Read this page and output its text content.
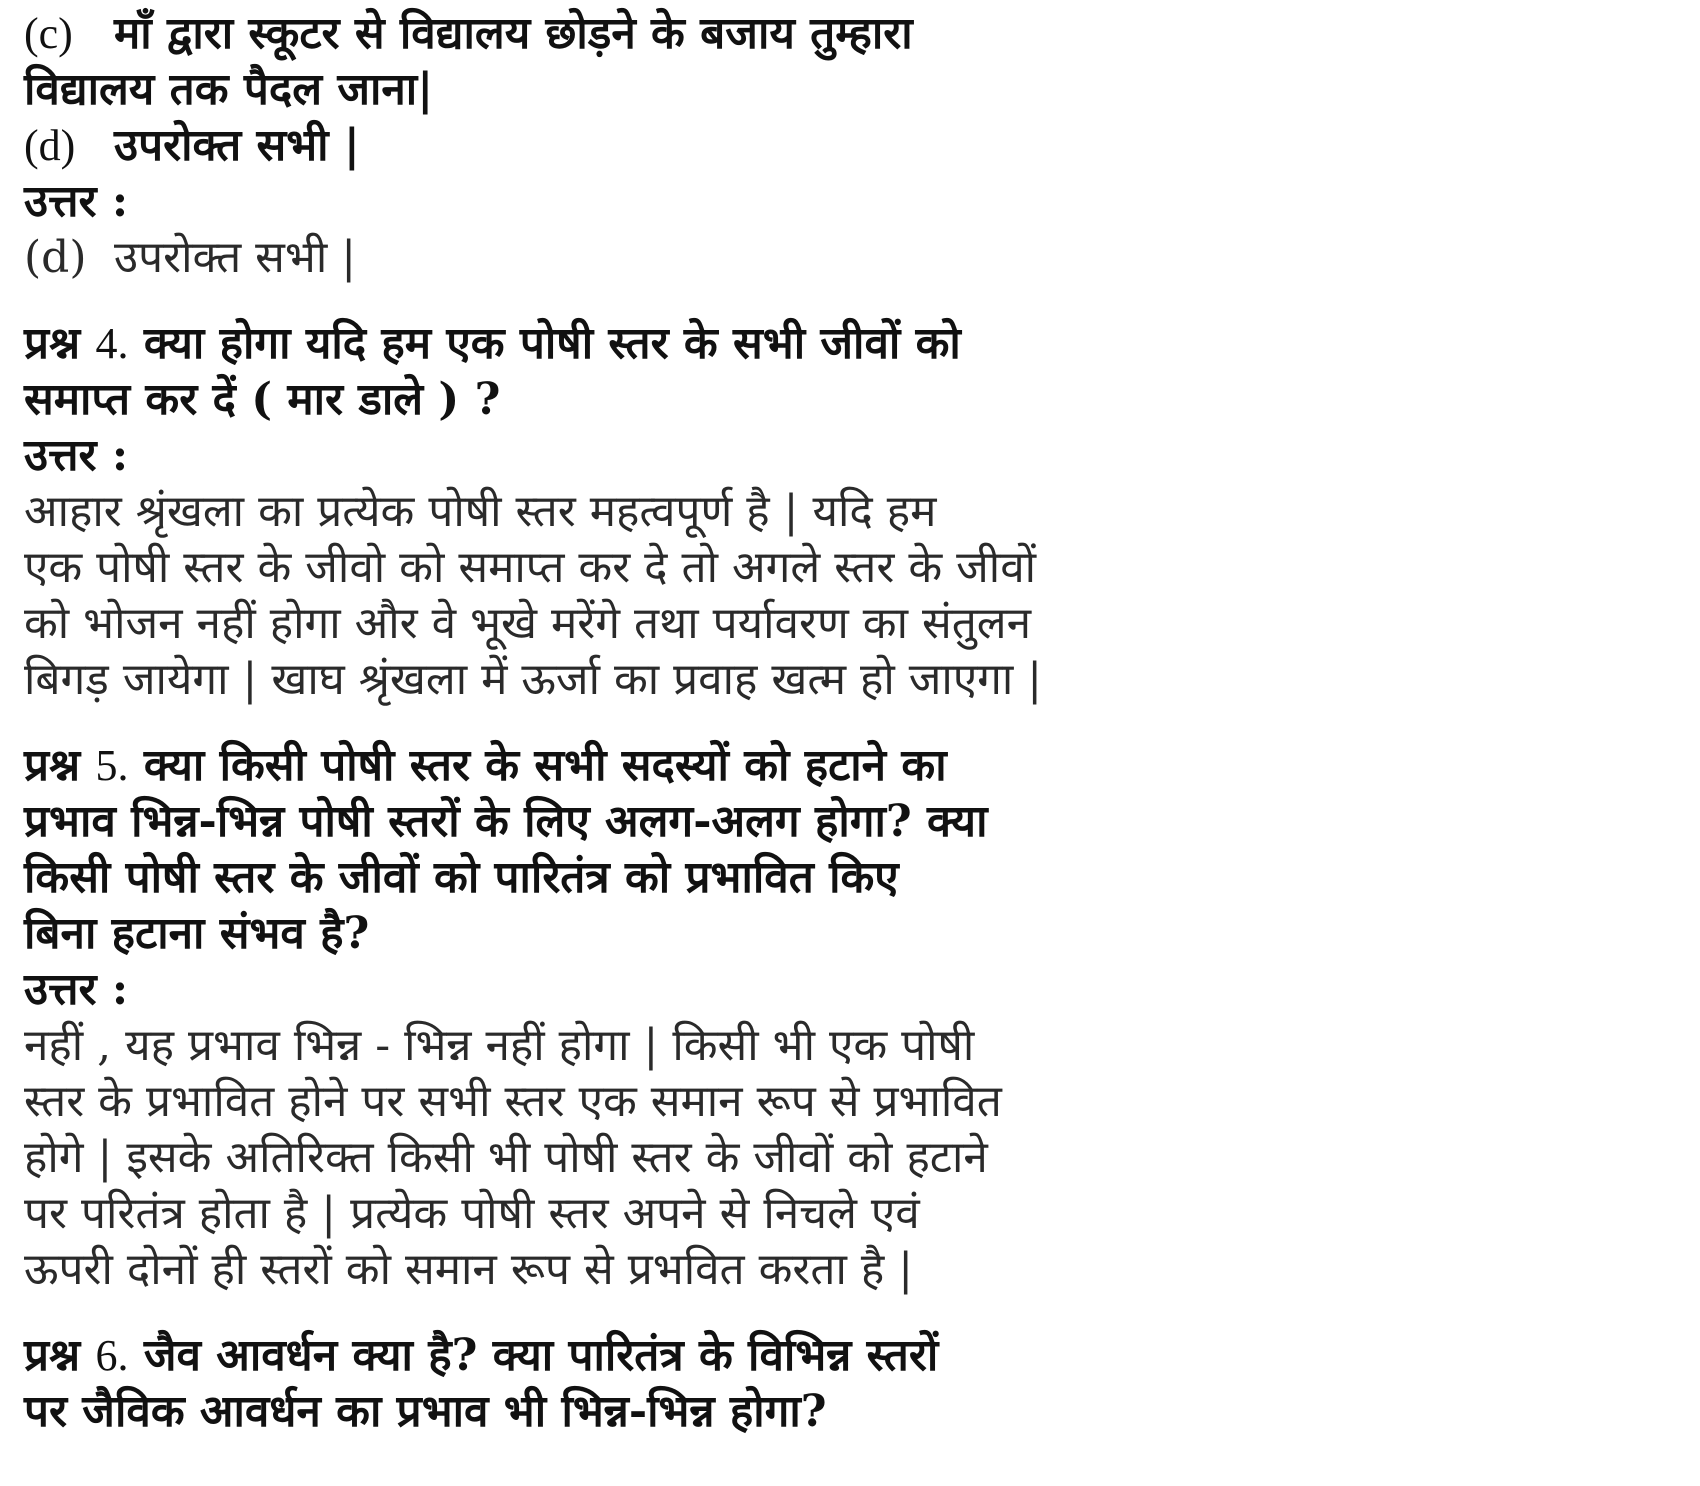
(c) माँ द्वारा स्कूटर से विद्यालय छोड़ने के बजाय तुम्हारा

विद्यालय तक पैदल जाना|

(d) उपरोक्त सभी |

उत्तर :

(d) उपरोक्त सभी |

प्रश्न 4. क्या होगा यदि हम एक पोषी स्तर के सभी जीवों को

समाप्त कर दें ( मार डाले ) ?

उत्तर :

आहार श्रृंखला का प्रत्येक पोषी स्तर महत्वपूर्ण है | यदि हम

एक पोषी स्तर के जीवो को समाप्त कर दे तो अगले स्तर के जीवों

को भोजन नहीं होगा और वे भूखे मरेंगे तथा पर्यावरण का संतुलन

बिगड़ जायेगा | खाघ श्रृंखला में ऊर्जा का प्रवाह खत्म हो जाएगा |

प्रश्न 5. क्या किसी पोषी स्तर के सभी सदस्यों को हटाने का

प्रभाव भिन्न-भिन्न पोषी स्तरों के लिए अलग-अलग होगा? क्या

किसी पोषी स्तर के जीवों को पारितंत्र को प्रभावित किए

बिना हटाना संभव है?

उत्तर :

नहीं , यह प्रभाव भिन्न - भिन्न नहीं होगा | किसी भी एक पोषी

स्तर के प्रभावित होने पर सभी स्तर एक समान रूप से प्रभावित

होगे | इसके अतिरिक्त किसी भी पोषी स्तर के जीवों को हटाने

पर परितंत्र होता है | प्रत्येक पोषी स्तर अपने से निचले एवं

ऊपरी दोनों ही स्तरों को समान रूप से प्रभवित करता है |

प्रश्न 6. जैव आवर्धन क्या है? क्या पारितंत्र के विभिन्न स्तरों

पर जैविक आवर्धन का प्रभाव भी भिन्न-भिन्न होगा?
